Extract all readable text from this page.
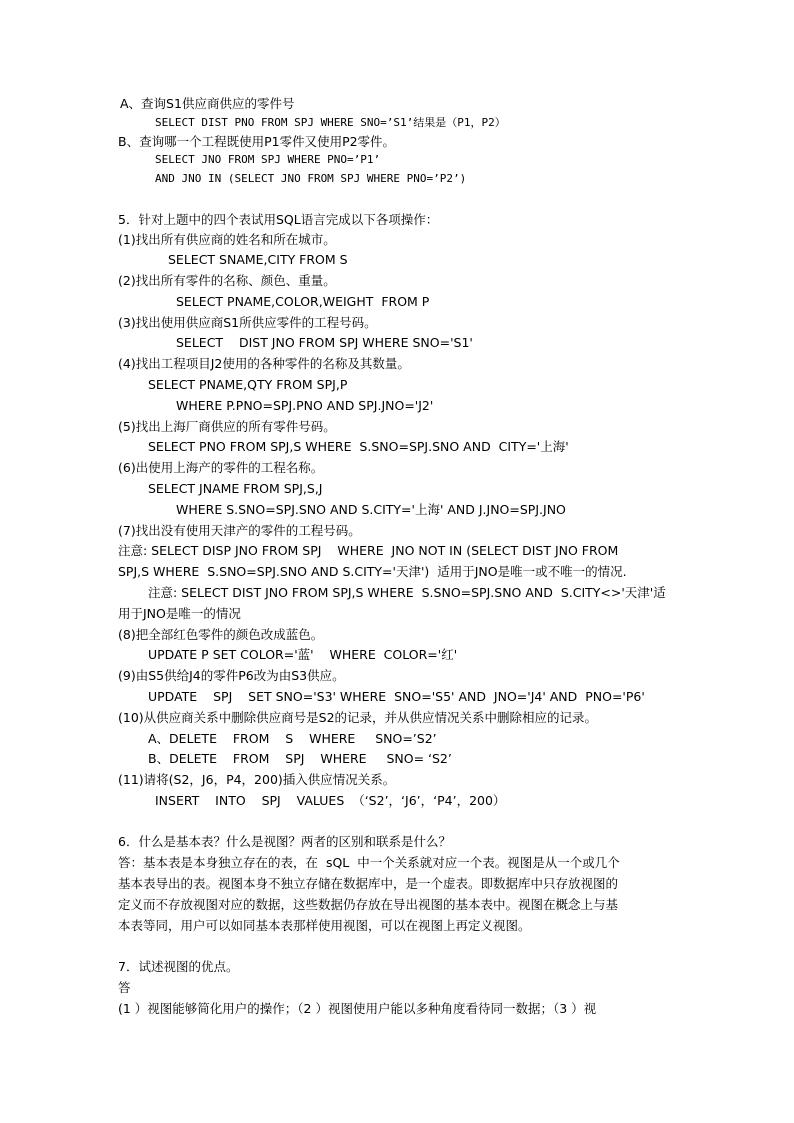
A、查询S1供应商供应的零件号
SELECT DIST PNO FROM SPJ WHERE SNO=’S1’结果是（P1，P2）
B、查询哪一个工程既使用P1零件又使用P2零件。
SELECT JNO FROM SPJ WHERE PNO=’P1’
AND JNO IN (SELECT JNO FROM SPJ WHERE PNO=’P2’)
5．针对上题中的四个表试用SQL语言完成以下各项操作：
(1)找出所有供应商的姓名和所在城市。
SELECT SNAME,CITY FROM S
(2)找出所有零件的名称、颜色、重量。
SELECT PNAME,COLOR,WEIGHT  FROM P
(3)找出使用供应商S1所供应零件的工程号码。
SELECT    DIST JNO FROM SPJ WHERE SNO='S1'
(4)找出工程项目J2使用的各种零件的名称及其数量。
SELECT PNAME,QTY FROM SPJ,P
WHERE P.PNO=SPJ.PNO AND SPJ.JNO='J2'
(5)找出上海厂商供应的所有零件号码。
SELECT PNO FROM SPJ,S WHERE  S.SNO=SPJ.SNO AND  CITY='上海'
(6)出使用上海产的零件的工程名称。
SELECT JNAME FROM SPJ,S,J
WHERE S.SNO=SPJ.SNO AND S.CITY='上海' AND J.JNO=SPJ.JNO
(7)找出没有使用天津产的零件的工程号码。
注意: SELECT DISP JNO FROM SPJ    WHERE  JNO NOT IN (SELECT DIST JNO FROM
SPJ,S WHERE  S.SNO=SPJ.SNO AND S.CITY='天津')  适用于JNO是唯一或不唯一的情况.
注意: SELECT DIST JNO FROM SPJ,S WHERE  S.SNO=SPJ.SNO AND  S.CITY<>'天津'适
用于JNO是唯一的情况
(8)把全部红色零件的颜色改成蓝色。
UPDATE P SET COLOR='蓝'    WHERE  COLOR='红'
(9)由S5供给J4的零件P6改为由S3供应。
UPDATE    SPJ    SET SNO='S3' WHERE  SNO='S5' AND  JNO='J4' AND  PNO='P6'
(10)从供应商关系中删除供应商号是S2的记录，并从供应情况关系中删除相应的记录。
A、DELETE    FROM    S    WHERE     SNO=’S2’
B、DELETE    FROM    SPJ    WHERE     SNO= ‘S2’
(11)请将(S2，J6，P4，200)插入供应情况关系。
INSERT    INTO    SPJ    VALUES  （‘S2’，‘J6’，‘P4’，200）
6．什么是基本表？什么是视图？两者的区别和联系是什么？
答：基本表是本身独立存在的表，在  sQL  中一个关系就对应一个表。视图是从一个或几个
基本表导出的表。视图本身不独立存储在数据库中，是一个虚表。即数据库中只存放视图的
定义而不存放视图对应的数据，这些数据仍存放在导出视图的基本表中。视图在概念上与基
本表等同，用户可以如同基本表那样使用视图，可以在视图上再定义视图。
7．试述视图的优点。
答
(1 ）视图能够简化用户的操作；（2 ）视图使用户能以多种角度看待同一数据；（3 ）视
